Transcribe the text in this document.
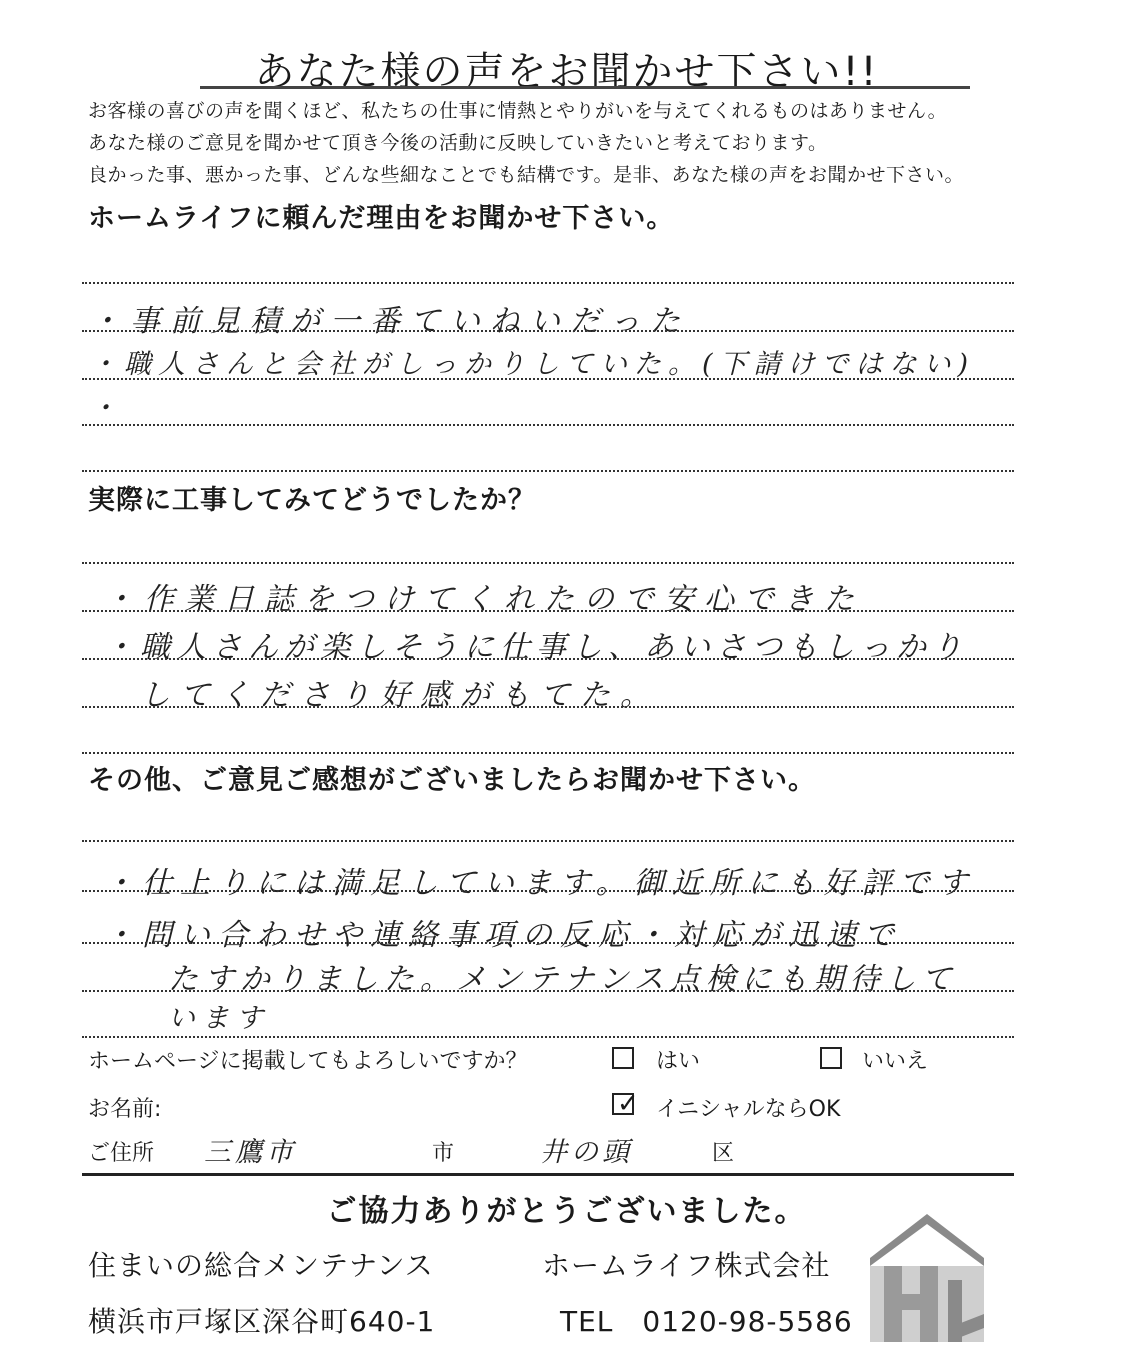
あなた様の声をお聞かせ下さい!!
お客様の喜びの声を聞くほど、私たちの仕事に情熱とやりがいを与えてくれるものはありません。
あなた様のご意見を聞かせて頂き今後の活動に反映していきたいと考えております。
良かった事、悪かった事、どんな些細なことでも結構です。是非、あなた様の声をお聞かせ下さい。
ホームライフに頼んだ理由をお聞かせ下さい。
・事前見積が一番ていねいだった
・職人さんと会社がしっかりしていた。(下請けではない)
・
実際に工事してみてどうでしたか？
・作業日誌をつけてくれたので安心できた
・職人さんが楽しそうに仕事し、あいさつもしっかり
してくださり好感がもてた。
その他、ご意見ご感想がございましたらお聞かせ下さい。
・仕上りには満足しています。御近所にも好評です
・問い合わせや連絡事項の反応・対応が迅速で
たすかりました。メンテナンス点検にも期待して
います
ホームページに掲載してもよろしいですか？	はい	いいえ
お名前:	✓ イニシャルならOK
ご住所 三鷹市	市	井の頭	区
ご協力ありがとうございました。
住まいの総合メンテナンス	ホームライフ株式会社
横浜市戸塚区深谷町640-1	TEL　0120-98-5586
